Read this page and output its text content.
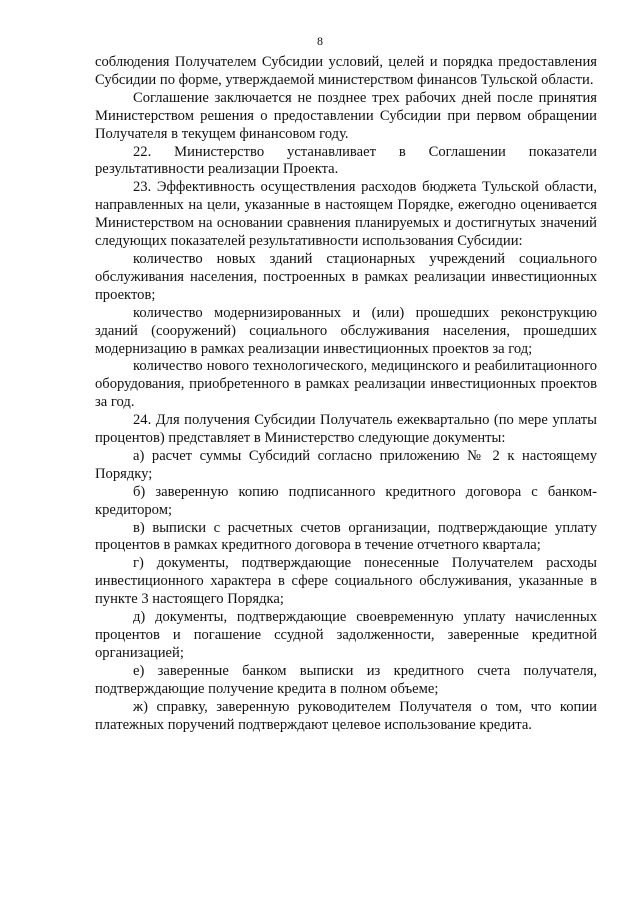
8

соблюдения Получателем Субсидии условий, целей и порядка предоставления Субсидии по форме, утверждаемой министерством финансов Тульской области.

Соглашение заключается не позднее трех рабочих дней после принятия Министерством решения о предоставлении Субсидии при первом обращении Получателя в текущем финансовом году.

22. Министерство устанавливает в Соглашении показатели результативности реализации Проекта.

23. Эффективность осуществления расходов бюджета Тульской области, направленных на цели, указанные в настоящем Порядке, ежегодно оценивается Министерством на основании сравнения планируемых и достигнутых значений следующих показателей результативности использования Субсидии:

количество новых зданий стационарных учреждений социального обслуживания населения, построенных в рамках реализации инвестиционных проектов;

количество модернизированных и (или) прошедших реконструкцию зданий (сооружений) социального обслуживания населения, прошедших модернизацию в рамках реализации инвестиционных проектов за год;

количество нового технологического, медицинского и реабилитационного оборудования, приобретенного в рамках реализации инвестиционных проектов за год.

24. Для получения Субсидии Получатель ежеквартально (по мере уплаты процентов) представляет в Министерство следующие документы:

а) расчет суммы Субсидий согласно приложению № 2 к настоящему Порядку;

б) заверенную копию подписанного кредитного договора с банком-кредитором;

в) выписки с расчетных счетов организации, подтверждающие уплату процентов в рамках кредитного договора в течение отчетного квартала;

г) документы, подтверждающие понесенные Получателем расходы инвестиционного характера в сфере социального обслуживания, указанные в пункте 3 настоящего Порядка;

д) документы, подтверждающие своевременную уплату начисленных процентов и погашение ссудной задолженности, заверенные кредитной организацией;

е) заверенные банком выписки из кредитного счета получателя, подтверждающие получение кредита в полном объеме;

ж) справку, заверенную руководителем Получателя о том, что копии платежных поручений подтверждают целевое использование кредита.
